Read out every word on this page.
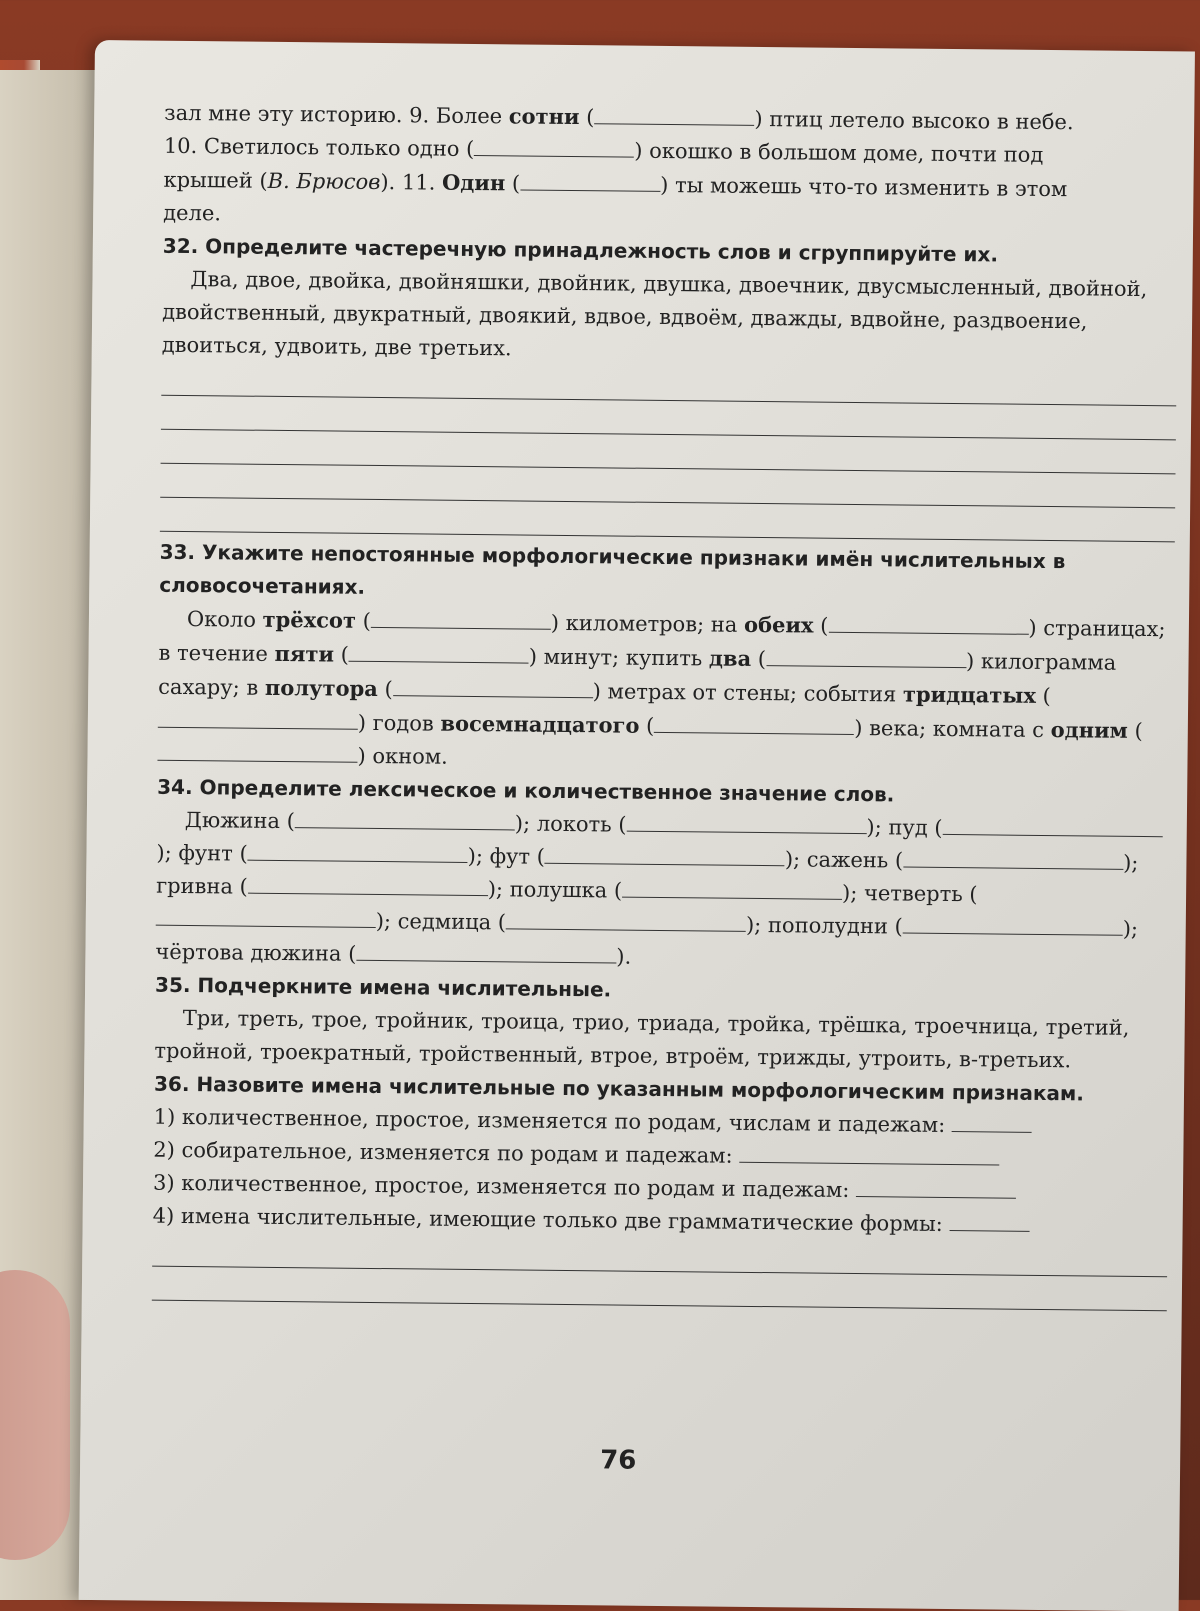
зал мне эту историю. 9. Более сотни (	) птиц летело высоко в небе.
10. Светилось только одно (	) окошко в большом доме, почти под
крышей (В. Брюсов). 11. Один (	) ты можешь что-то изменить в этом
деле.
32. Определите частеречную принадлежность слов и сгруппируйте их.
Два, двое, двойка, двойняшки, двойник, двушка, двоечник, двусмысленный, двойной, двойственный, двукратный, двоякий, вдвое, вдвоём, дважды, вдвойне, раздвоение, двоиться, удвоить, две третьих.
33. Укажите непостоянные морфологические признаки имён числительных в словосочетаниях.
Около трёхсот (	) километров; на обеих (	) страницах; в течение пяти (	) минут; купить два (	) килограмма сахару; в полутора (	) метрах от стены; события тридцатых () годов восемнадцатого (	) века; комната с одним () окном.
34. Определите лексическое и количественное значение слов.
Дюжина (	); локоть (	); пуд (); фунт (	); фут (	); сажень (	); гривна (	); полушка (	); четверть (); седмица (	); пополудни (	); чёртова дюжина (	).
35. Подчеркните имена числительные.
Три, треть, трое, тройник, троица, трио, триада, тройка, трёшка, троечница, третий, тройной, троекратный, тройственный, втрое, втроём, трижды, утроить, в-третьих.
36. Назовите имена числительные по указанным морфологическим признакам.
1) количественное, простое, изменяется по родам, числам и падежам:
2) собирательное, изменяется по родам и падежам:
3) количественное, простое, изменяется по родам и падежам:
4) имена числительные, имеющие только две грамматические формы:
76
